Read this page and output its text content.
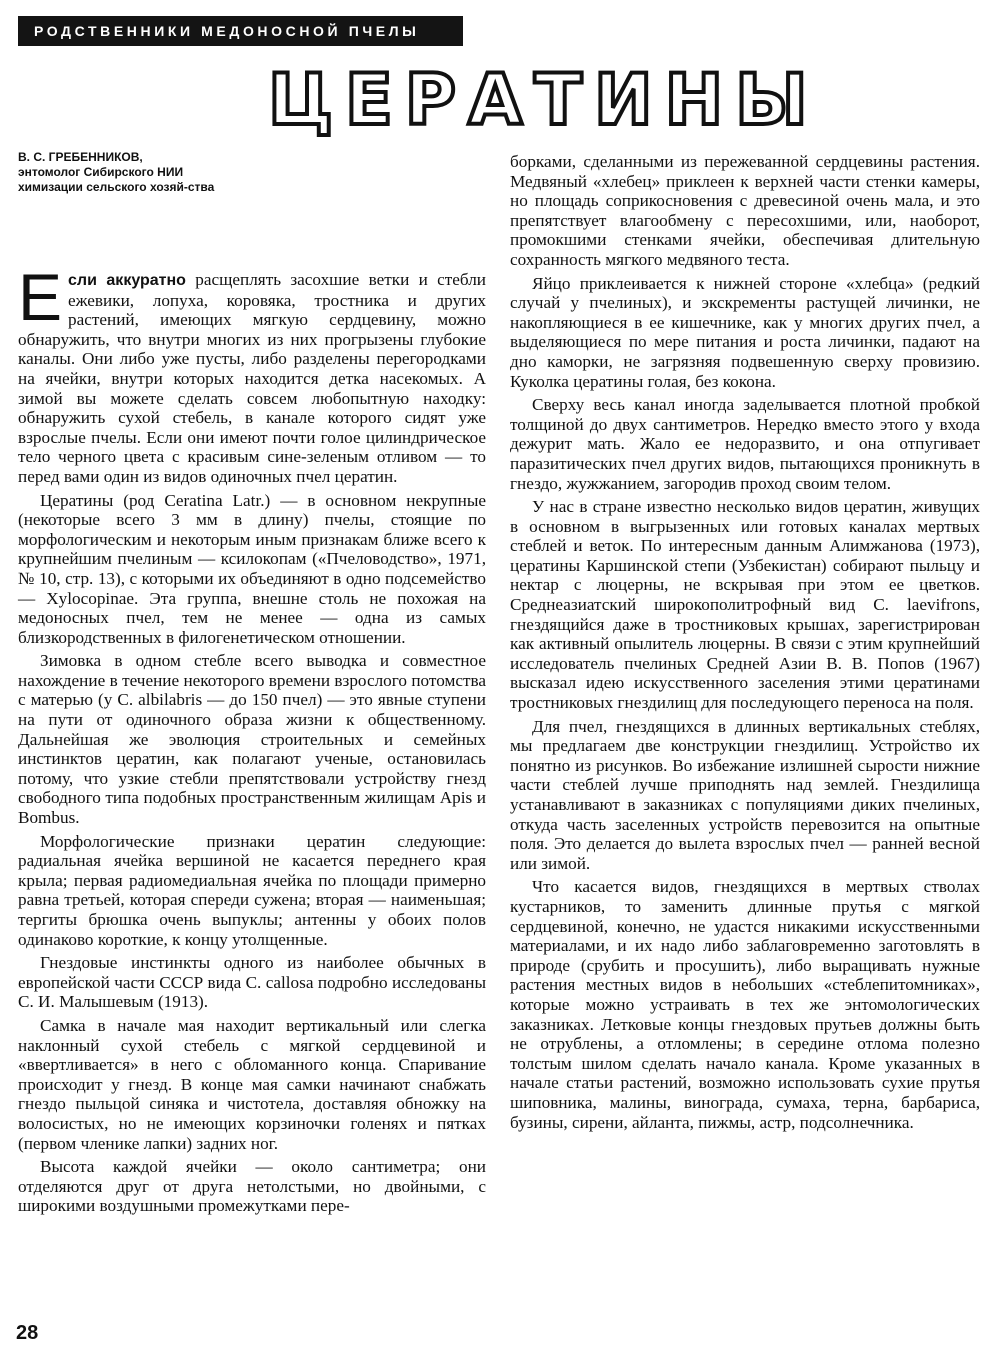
РОДСТВЕННИКИ МЕДОНОСНОЙ ПЧЕЛЫ
ЦЕРАТИНЫ
В. С. ГРЕБЕННИКОВ,
энтомолог Сибирского НИИ химизации сельского хозяй-ства

Если аккуратно расщеплять засохшие ветки и стебли ежевики, лопуха, коровяка, тростника и других растений, имеющих мягкую сердцевину, можно обнаружить, что внутри многих из них прогрызены глубокие каналы. Они либо уже пусты, либо разделены перегородками на ячейки, внутри которых находится детка насекомых. А зимой вы можете сделать совсем любопытную находку: обнаружить сухой стебель, в канале которого сидят уже взрослые пчелы. Если они имеют почти голое цилиндрическое тело черного цвета с красивым сине-зеленым отливом — то перед вами один из видов одиночных пчел цератин.

Цератины (род Ceratina Latr.) — в основном некрупные (некоторые всего 3 мм в длину) пчелы, стоящие по морфологическим и некоторым иным признакам ближе всего к крупнейшим пчелиным — ксилокопам («Пчеловодство», 1971, № 10, стр. 13), с которыми их объединяют в одно подсемейство — Xylocopinae. Эта группа, внешне столь не похожая на медоносных пчел, тем не менее — одна из самых близкородственных в филогенетическом отношении.

Зимовка в одном стебле всего выводка и совместное нахождение в течение некоторого времени взрослого потомства с матерью (у C. albilabris — до 150 пчел) — это явные ступени на пути от одиночного образа жизни к общественному. Дальнейшая же эволюция строительных и семейных инстинктов цератин, как полагают ученые, остановилась потому, что узкие стебли препятствовали устройству гнезд свободного типа подобных пространственным жилищам Apis и Bombus.

Морфологические признаки цератин следующие: радиальная ячейка вершиной не касается переднего края крыла; первая радиомедиальная ячейка по площади примерно равна третьей, которая спереди сужена; вторая — наименьшая; тергиты брюшка очень выпуклы; антенны у обоих полов одинаково короткие, к концу утолщенные.

Гнездовые инстинкты одного из наиболее обычных в европейской части СССР вида C. callosa подробно исследованы С. И. Малышевым (1913).

Самка в начале мая находит вертикальный или слегка наклонный сухой стебель с мягкой сердцевиной и «ввертливается» в него с обломанного конца. Спаривание происходит у гнезд. В конце мая самки начинают снабжать гнездо пыльцой синяка и чистотела, доставляя обножку на волосистых, но не имеющих корзиночки голенях и пятках (первом членике лапки) задних ног.

Высота каждой ячейки — около сантиметра; они отделяются друг от друга нетолстыми, но двойными, с широкими воздушными промежутками пере-

борками, сделанными из пережеванной сердцевины растения. Медвяный «хлебец» приклеен к верхней части стенки камеры, но площадь соприкосновения с древесиной очень мала, и это препятствует влагообмену с пересохшими, или, наоборот, промокшими стенками ячейки, обеспечивая длительную сохранность мягкого медвяного теста.

Яйцо приклеивается к нижней стороне «хлебца» (редкий случай у пчелиных), и экскременты растущей личинки, не накопляющиеся в ее кишечнике, как у многих других пчел, а выделяющиеся по мере питания и роста личинки, падают на дно каморки, не загрязняя подвешенную сверху провизию. Куколка цератины голая, без кокона.

Сверху весь канал иногда заделывается плотной пробкой толщиной до двух сантиметров. Нередко вместо этого у входа дежурит мать. Жало ее недоразвито, и она отпугивает паразитических пчел других видов, пытающихся проникнуть в гнездо, жужжанием, загородив проход своим телом.

У нас в стране известно несколько видов цератин, живущих в основном в выгрызенных или готовых каналах мертвых стеблей и веток. По интересным данным Алимжанова (1973), цератины Каршинской степи (Узбекистан) собирают пыльцу и нектар с люцерны, не вскрывая при этом ее цветков. Среднеазиатский широкополитрофный вид C. laevifrons, гнездящийся даже в тростниковых крышах, зарегистрирован как активный опылитель люцерны. В связи с этим крупнейший исследователь пчелиных Средней Азии В. В. Попов (1967) высказал идею искусственного заселения этими цератинами тростниковых гнездилищ для последующего переноса на поля.

Для пчел, гнездящихся в длинных вертикальных стеблях, мы предлагаем две конструкции гнездилищ. Устройство их понятно из рисунков. Во избежание излишней сырости нижние части стеблей лучше приподнять над землей. Гнездилища устанавливают в заказниках с популяциями диких пчелиных, откуда часть заселенных устройств перевозится на опытные поля. Это делается до вылета взрослых пчел — ранней весной или зимой.

Что касается видов, гнездящихся в мертвых стволах кустарников, то заменить длинные прутья с мягкой сердцевиной, конечно, не удастся никакими искусственными материалами, и их надо либо заблаговременно заготовлять в природе (срубить и просушить), либо выращивать нужные растения местных видов в небольших «стеблепитомниках», которые можно устраивать в тех же энтомологических заказниках. Летковые концы гнездовых прутьев должны быть не отрублены, а отломлены; в середине отлома полезно толстым шилом сделать начало канала. Кроме указанных в начале статьи растений, возможно использовать сухие прутья шиповника, малины, винограда, сумаха, терна, барбариса, бузины, сирени, айланта, пижмы, астр, подсолнечника.

28
